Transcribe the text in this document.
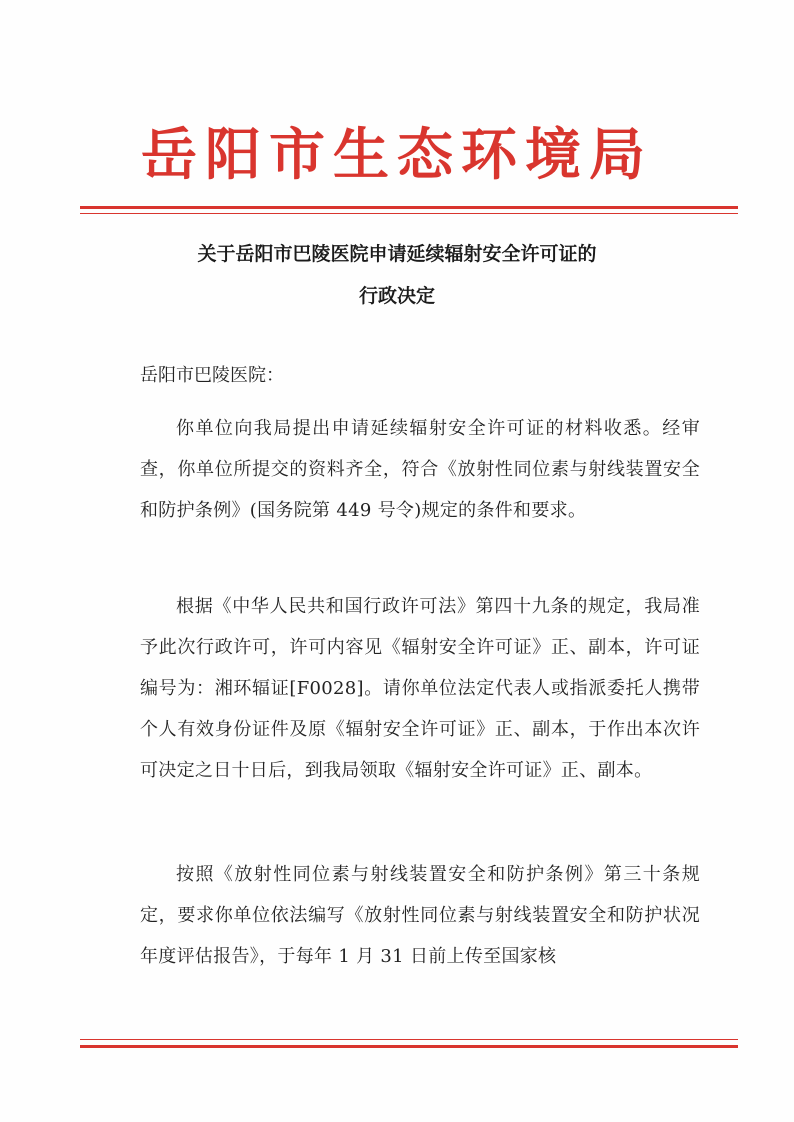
岳阳市生态环境局
关于岳阳市巴陵医院申请延续辐射安全许可证的
行政决定
岳阳市巴陵医院：
你单位向我局提出申请延续辐射安全许可证的材料收悉。经审查，你单位所提交的资料齐全，符合《放射性同位素与射线装置安全和防护条例》(国务院第 449 号令)规定的条件和要求。
根据《中华人民共和国行政许可法》第四十九条的规定，我局准予此次行政许可，许可内容见《辐射安全许可证》正、副本，许可证编号为：湘环辐证[F0028]。请你单位法定代表人或指派委托人携带个人有效身份证件及原《辐射安全许可证》正、副本，于作出本次许可决定之日十日后，到我局领取《辐射安全许可证》正、副本。
按照《放射性同位素与射线装置安全和防护条例》第三十条规定，要求你单位依法编写《放射性同位素与射线装置安全和防护状况年度评估报告》，于每年 1 月 31 日前上传至国家核
